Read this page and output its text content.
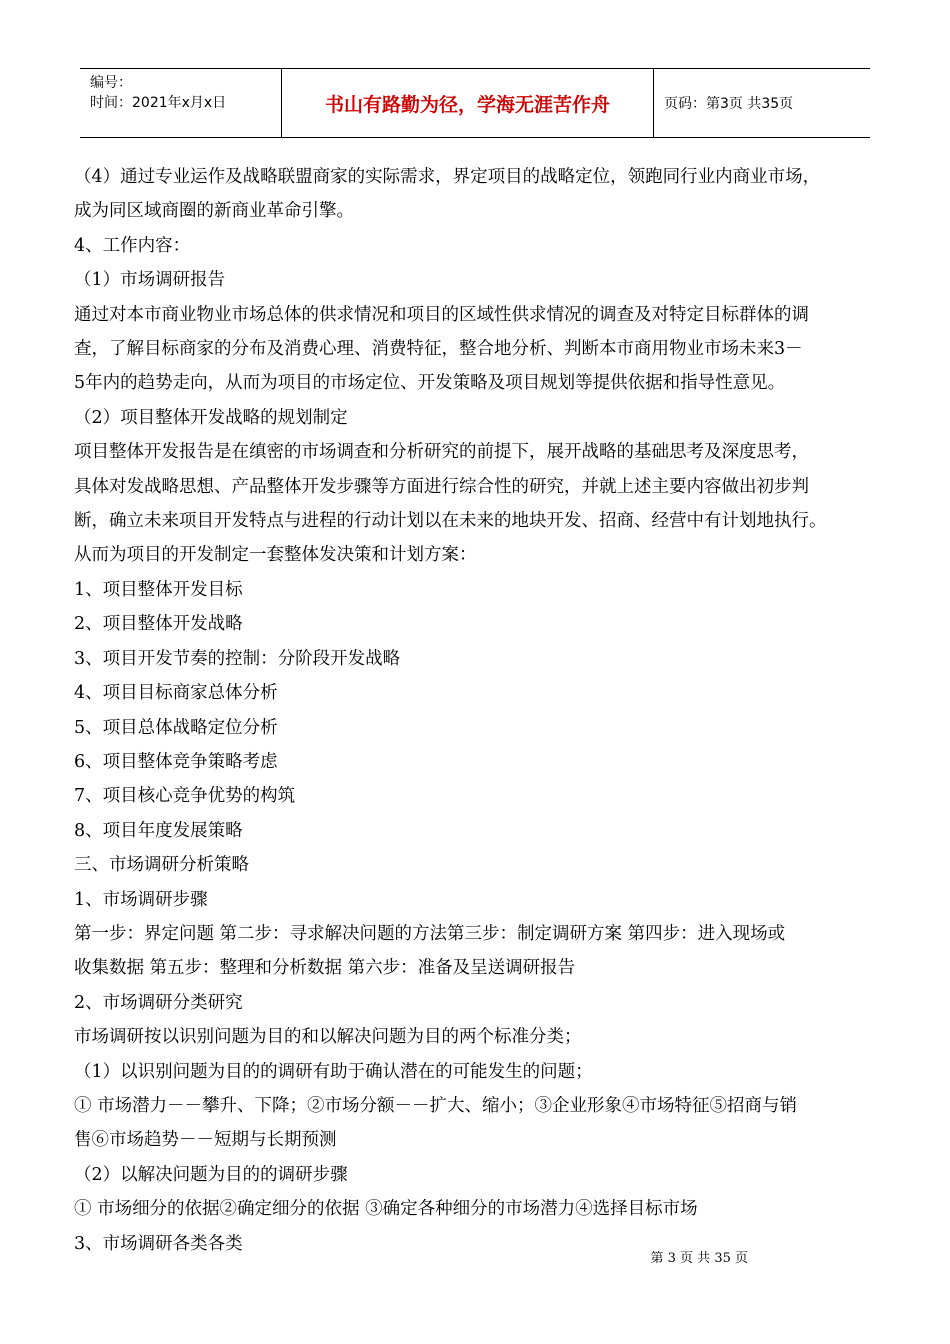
编号：
时间：2021年x月x日	书山有路勤为径，学海无涯苦作舟	页码：第3页 共35页

（4）通过专业运作及战略联盟商家的实际需求，界定项目的战略定位，领跑同行业内商业市场，

成为同区域商圈的新商业革命引擎。

4、工作内容：

（1）市场调研报告

通过对本市商业物业市场总体的供求情况和项目的区域性供求情况的调查及对特定目标群体的调

查，了解目标商家的分布及消费心理、消费特征，整合地分析、判断本市商用物业市场未来3－

5年内的趋势走向，从而为项目的市场定位、开发策略及项目规划等提供依据和指导性意见。

（2）项目整体开发战略的规划制定

项目整体开发报告是在缜密的市场调查和分析研究的前提下，展开战略的基础思考及深度思考，

具体对发战略思想、产品整体开发步骤等方面进行综合性的研究，并就上述主要内容做出初步判

断，确立未来项目开发特点与进程的行动计划以在未来的地块开发、招商、经营中有计划地执行。

从而为项目的开发制定一套整体发决策和计划方案：

1、项目整体开发目标

2、项目整体开发战略

3、项目开发节奏的控制：分阶段开发战略

4、项目目标商家总体分析

5、项目总体战略定位分析

6、项目整体竞争策略考虑

7、项目核心竞争优势的构筑

8、项目年度发展策略

三、市场调研分析策略

1、市场调研步骤

第一步：界定问题 第二步：寻求解决问题的方法第三步：制定调研方案 第四步：进入现场或

收集数据 第五步：整理和分析数据 第六步：准备及呈送调研报告

2、市场调研分类研究

市场调研按以识别问题为目的和以解决问题为目的两个标准分类；

（1）以识别问题为目的的调研有助于确认潜在的可能发生的问题；

① 市场潜力－－攀升、下降；②市场分额－－扩大、缩小；③企业形象④市场特征⑤招商与销

售⑥市场趋势－－短期与长期预测

（2）以解决问题为目的的调研步骤

① 市场细分的依据②确定细分的依据 ③确定各种细分的市场潜力④选择目标市场

3、市场调研各类各类

第 3 页 共 35 页
